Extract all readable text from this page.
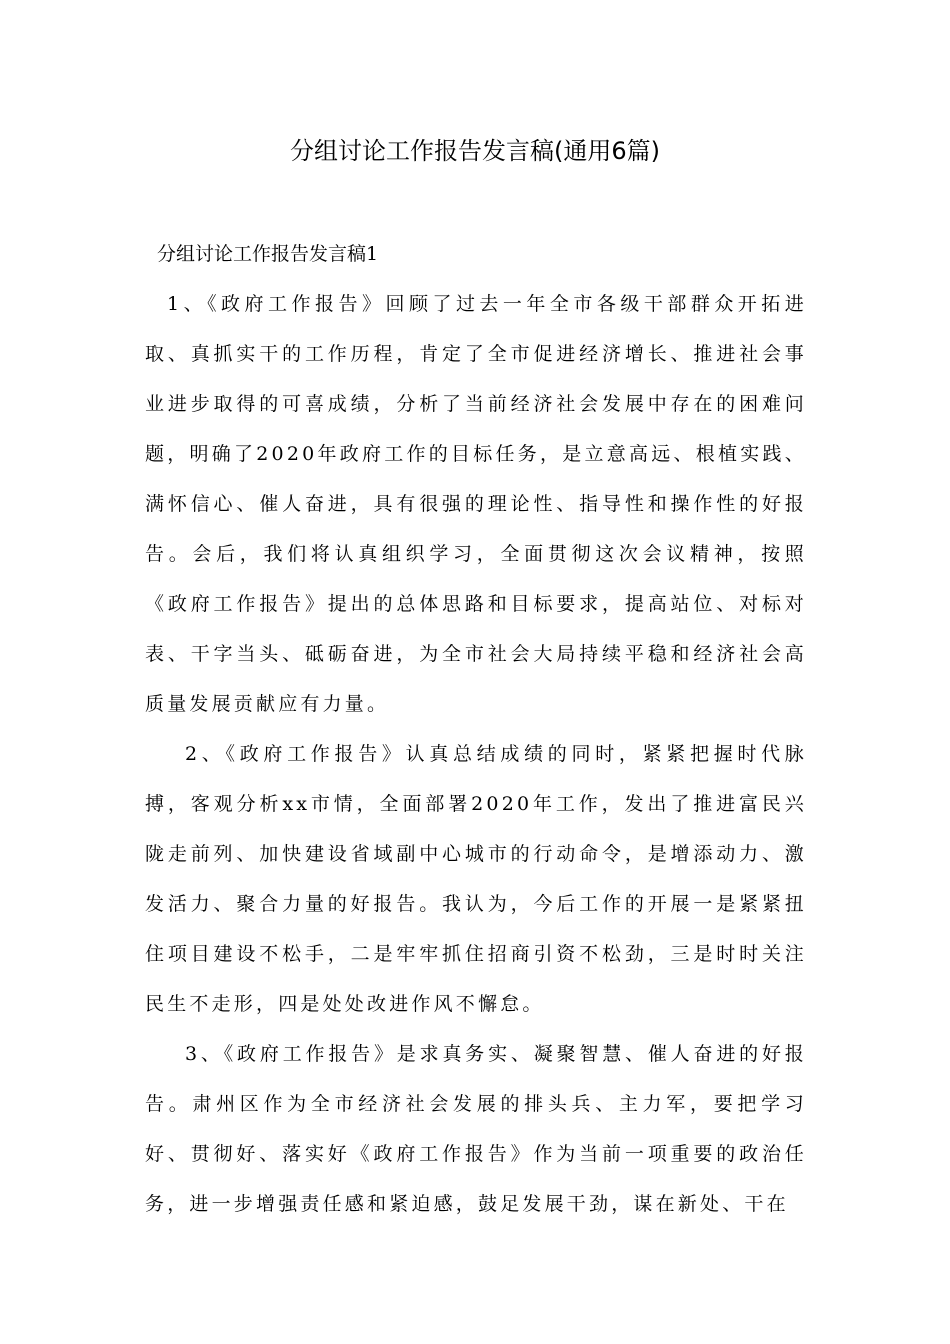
分组讨论工作报告发言稿(通用6篇)

分组讨论工作报告发言稿1

1、《政府工作报告》回顾了过去一年全市各级干部群众开拓进取、真抓实干的工作历程，肯定了全市促进经济增长、推进社会事业进步取得的可喜成绩，分析了当前经济社会发展中存在的困难问题，明确了2020年政府工作的目标任务，是立意高远、根植实践、满怀信心、催人奋进，具有很强的理论性、指导性和操作性的好报告。会后，我们将认真组织学习，全面贯彻这次会议精神，按照《政府工作报告》提出的总体思路和目标要求，提高站位、对标对表、干字当头、砥砺奋进，为全市社会大局持续平稳和经济社会高质量发展贡献应有力量。

2、《政府工作报告》认真总结成绩的同时，紧紧把握时代脉搏，客观分析xx市情，全面部署2020年工作，发出了推进富民兴陇走前列、加快建设省域副中心城市的行动命令，是增添动力、激发活力、聚合力量的好报告。我认为，今后工作的开展一是紧紧扭住项目建设不松手，二是牢牢抓住招商引资不松劲，三是时时关注民生不走形，四是处处改进作风不懈怠。

3、《政府工作报告》是求真务实、凝聚智慧、催人奋进的好报告。肃州区作为全市经济社会发展的排头兵、主力军，要把学习好、贯彻好、落实好《政府工作报告》作为当前一项重要的政治任务，进一步增强责任感和紧迫感，鼓足发展干劲，谋在新处、干在
